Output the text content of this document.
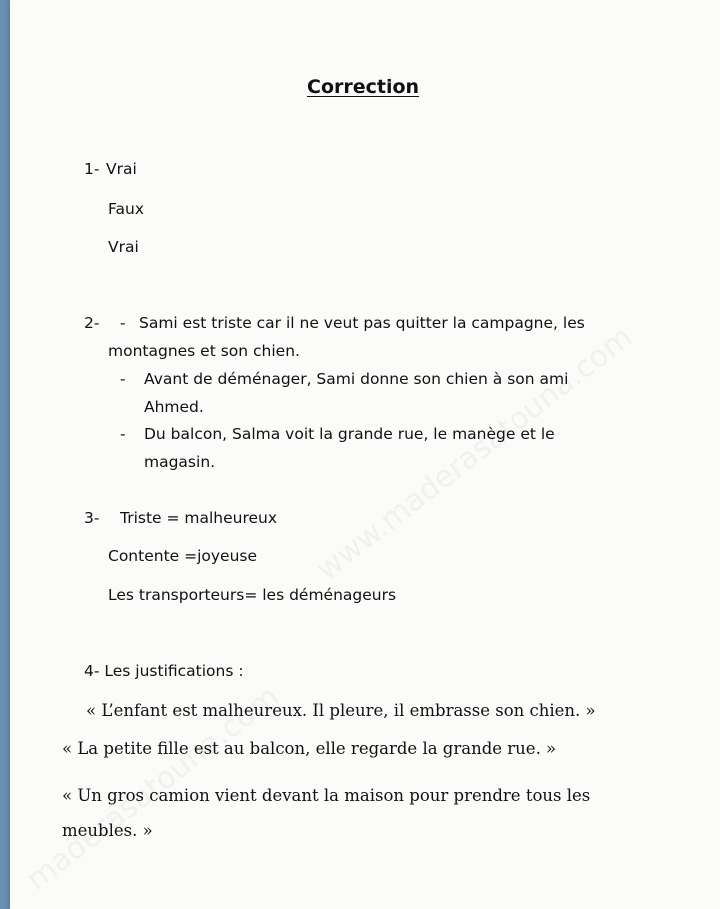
Correction
1- Vrai
Faux
Vrai
2- - Sami est triste car il ne veut pas quitter la campagne, les
montagnes et son chien.
- Avant de déménager, Sami donne son chien à son ami
Ahmed.
- Du balcon, Salma voit la grande rue, le manège et le
magasin.
3- Triste = malheureux
Contente =joyeuse
Les transporteurs= les déménageurs
4- Les justifications :
« L’enfant est malheureux. Il pleure, il embrasse son chien. »
« La petite fille est au balcon, elle regarde la grande rue. »
« Un gros camion vient devant la maison pour prendre tous les
meubles. »
